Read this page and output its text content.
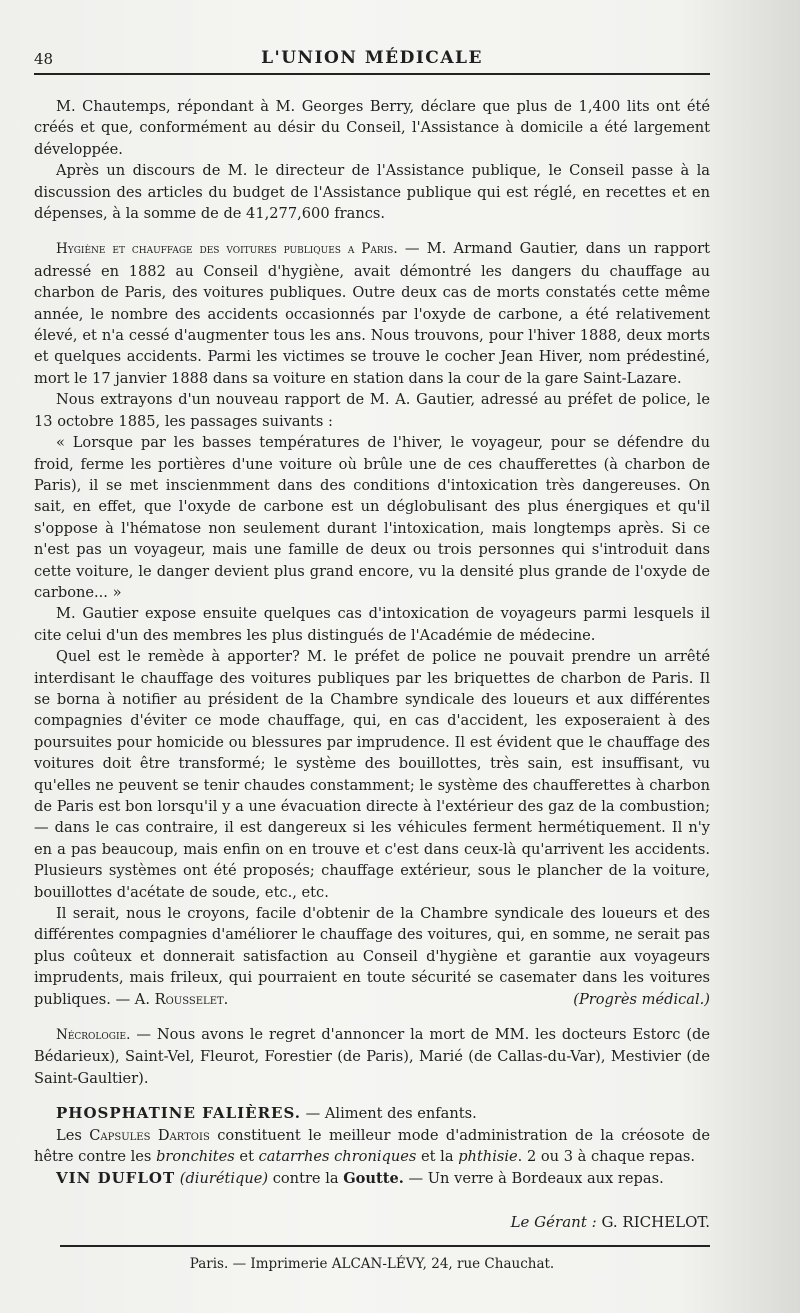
48	L'UNION MÉDICALE

M. Chautemps, répondant à M. Georges Berry, déclare que plus de 1,400 lits ont été créés et que, conformément au désir du Conseil, l'Assistance à domicile a été largement développée.

Après un discours de M. le directeur de l'Assistance publique, le Conseil passe à la discussion des articles du budget de l'Assistance publique qui est réglé, en recettes et en dépenses, à la somme de de 41,277,600 francs.

Hygiène et chauffage des voitures publiques a Paris. — M. Armand Gautier, dans un rapport adressé en 1882 au Conseil d'hygiène, avait démontré les dangers du chauffage au charbon de Paris, des voitures publiques. Outre deux cas de morts constatés cette même année, le nombre des accidents occasionnés par l'oxyde de carbone, a été relativement élevé, et n'a cessé d'augmenter tous les ans. Nous trouvons, pour l'hiver 1888, deux morts et quelques accidents. Parmi les victimes se trouve le cocher Jean Hiver, nom prédestiné, mort le 17 janvier 1888 dans sa voiture en station dans la cour de la gare Saint-Lazare.

Nous extrayons d'un nouveau rapport de M. A. Gautier, adressé au préfet de police, le 13 octobre 1885, les passages suivants :

« Lorsque par les basses températures de l'hiver, le voyageur, pour se défendre du froid, ferme les portières d'une voiture où brûle une de ces chaufferettes (à charbon de Paris), il se met inscienmment dans des conditions d'intoxication très dangereuses. On sait, en effet, que l'oxyde de carbone est un déglobulisant des plus énergiques et qu'il s'oppose à l'hématose non seulement durant l'intoxication, mais longtemps après. Si ce n'est pas un voyageur, mais une famille de deux ou trois personnes qui s'introduit dans cette voiture, le danger devient plus grand encore, vu la densité plus grande de l'oxyde de carbone... »

M. Gautier expose ensuite quelques cas d'intoxication de voyageurs parmi lesquels il cite celui d'un des membres les plus distingués de l'Académie de médecine.

Quel est le remède à apporter? M. le préfet de police ne pouvait prendre un arrêté interdisant le chauffage des voitures publiques par les briquettes de charbon de Paris. Il se borna à notifier au président de la Chambre syndicale des loueurs et aux différentes compagnies d'éviter ce mode chauffage, qui, en cas d'accident, les exposeraient à des poursuites pour homicide ou blessures par imprudence. Il est évident que le chauffage des voitures doit être transformé; le système des bouillottes, très sain, est insuffisant, vu qu'elles ne peuvent se tenir chaudes constamment; le système des chaufferettes à charbon de Paris est bon lorsqu'il y a une évacuation directe à l'extérieur des gaz de la combustion; — dans le cas contraire, il est dangereux si les véhicules ferment hermétiquement. Il n'y en a pas beaucoup, mais enfin on en trouve et c'est dans ceux-là qu'arrivent les accidents. Plusieurs systèmes ont été proposés; chauffage extérieur, sous le plancher de la voiture, bouillottes d'acétate de soude, etc., etc.

Il serait, nous le croyons, facile d'obtenir de la Chambre syndicale des loueurs et des différentes compagnies d'améliorer le chauffage des voitures, qui, en somme, ne serait pas plus coûteux et donnerait satisfaction au Conseil d'hygiène et garantie aux voyageurs imprudents, mais frileux, qui pourraient en toute sécurité se casemater dans les voitures publiques. — A. Rousselet.	(Progrès médical.)

Nécrologie. — Nous avons le regret d'annoncer la mort de MM. les docteurs Estorc (de Bédarieux), Saint-Vel, Fleurot, Forestier (de Paris), Marié (de Callas-du-Var), Mestivier (de Saint-Gaultier).

PHOSPHATINE FALIÈRES. — Aliment des enfants.

Les Capsules Dartois constituent le meilleur mode d'administration de la créosote de hêtre contre les bronchites et catarrhes chroniques et la phthisie. 2 ou 3 à chaque repas.

VIN DUFLOT (diurétique) contre la Goutte. — Un verre à Bordeaux aux repas.

Le Gérant : G. RICHELOT.
Paris. — Imprimerie ALCAN-LÉVY, 24, rue Chauchat.
